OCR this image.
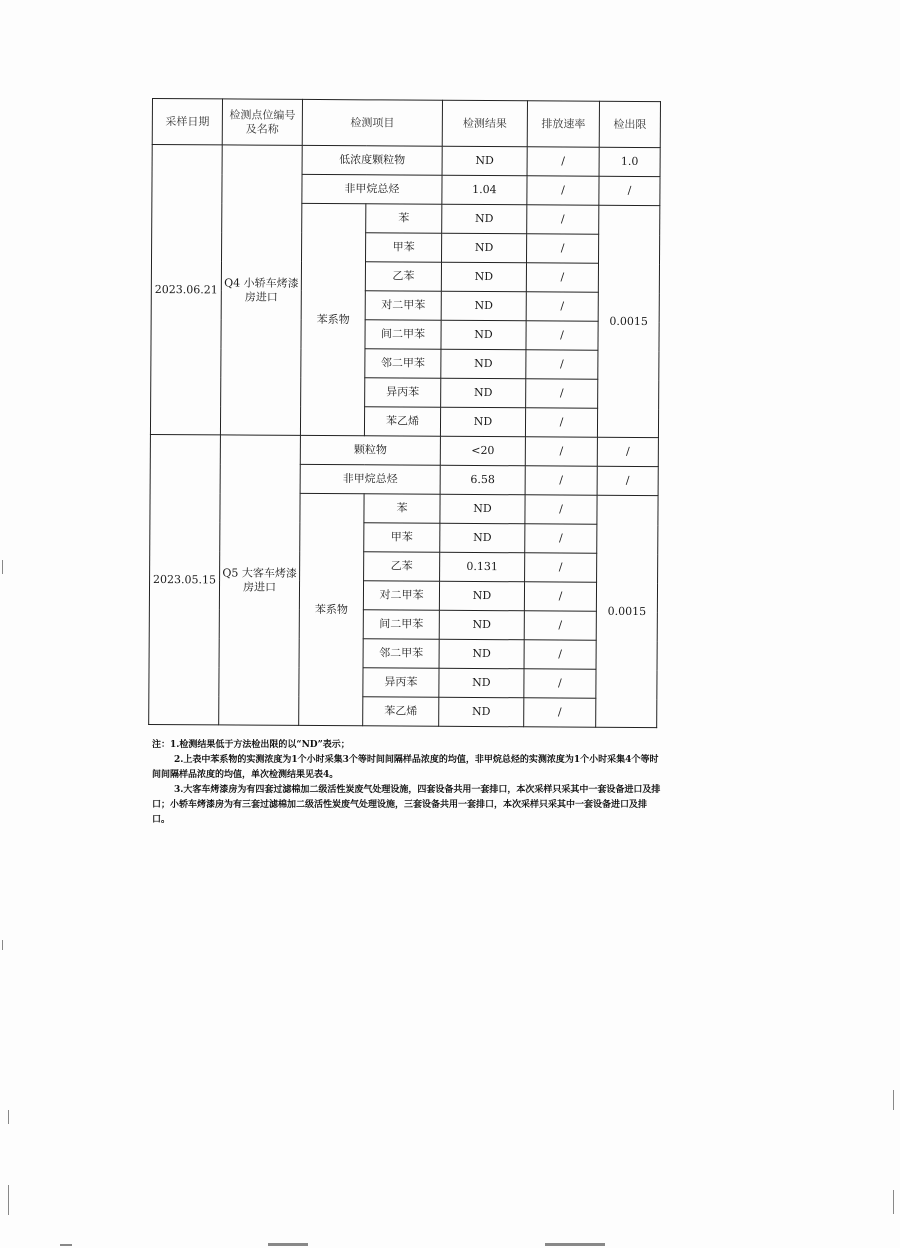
采样日期	检测点位编号及名称	检测项目		检测结果	排放速率	检出限
2023.06.21	Q4 小轿车烤漆房进口	低浓度颗粒物		ND	/	1.0
		非甲烷总烃		1.04	/	/
		苯系物	苯	ND	/	0.0015
			甲苯	ND	/	
			乙苯	ND	/	
			对二甲苯	ND	/	
			间二甲苯	ND	/	
			邻二甲苯	ND	/	
			异丙苯	ND	/	
			苯乙烯	ND	/	
2023.05.15	Q5 大客车烤漆房进口	颗粒物		<20	/	/
		非甲烷总烃		6.58	/	/
		苯系物	苯	ND	/	0.0015
			甲苯	ND	/	
			乙苯	0.131	/	
			对二甲苯	ND	/	
			间二甲苯	ND	/	
			邻二甲苯	ND	/	
			异丙苯	ND	/	
			苯乙烯	ND	/	

注：1.检测结果低于方法检出限的以“ND”表示；

2.上表中苯系物的实测浓度为1个小时采集3个等时间间隔样品浓度的均值，非甲烷总烃的实测浓度为1个小时采集4个等时间间隔样品浓度的均值，单次检测结果见表4。

3.大客车烤漆房为有四套过滤棉加二级活性炭废气处理设施，四套设备共用一套排口，本次采样只采其中一套设备进口及排口；小轿车烤漆房为有三套过滤棉加二级活性炭废气处理设施，三套设备共用一套排口，本次采样只采其中一套设备进口及排口。
